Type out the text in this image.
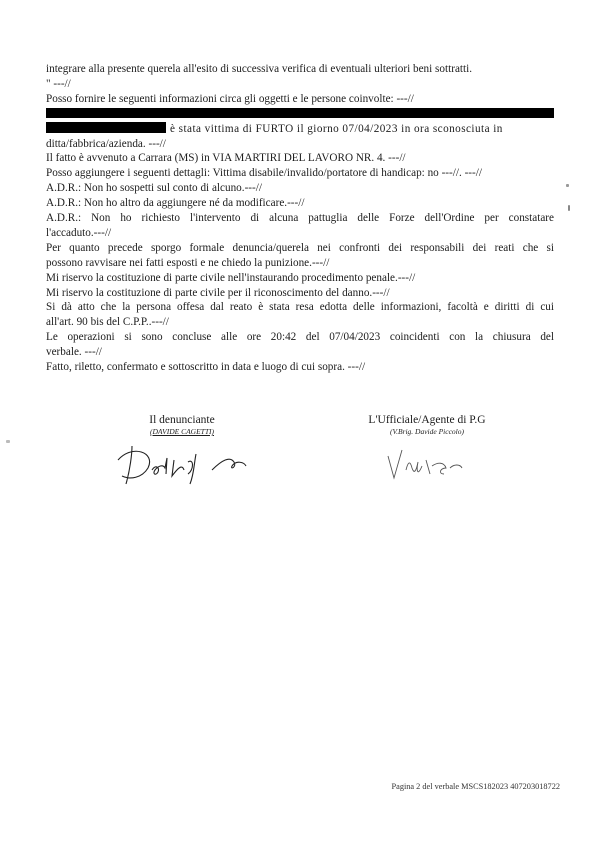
integrare alla presente querela all'esito di successiva verifica di eventuali ulteriori beni sottratti.
" ---//
Posso fornire le seguenti informazioni circa gli oggetti e le persone coinvolte: ---//
è stata vittima di FURTO il giorno 07/04/2023 in ora sconosciuta in
ditta/fabbrica/azienda. ---//
Il fatto è avvenuto a Carrara (MS) in VIA MARTIRI DEL LAVORO NR. 4. ---//
Posso aggiungere i seguenti dettagli: Vittima disabile/invalido/portatore di handicap: no ---//. ---//
A.D.R.: Non ho sospetti sul conto di alcuno.---//
A.D.R.: Non ho altro da aggiungere né da modificare.---//
A.D.R.: Non ho richiesto l'intervento di alcuna pattuglia delle Forze dell'Ordine per constatare
l'accaduto.---//
Per quanto precede sporgo formale denuncia/querela nei confronti dei responsabili dei reati che si
possono ravvisare nei fatti esposti e ne chiedo la punizione.---//
Mi riservo la costituzione di parte civile nell'instaurando procedimento penale.---//
Mi riservo la costituzione di parte civile per il riconoscimento del danno.---//
Si dà atto che la persona offesa dal reato è stata resa edotta delle informazioni, facoltà e diritti di cui
all'art. 90 bis del C.P.P..---//
Le operazioni si sono concluse alle ore 20:42 del 07/04/2023 coincidenti con la chiusura del
verbale. ---//
Fatto, riletto, confermato e sottoscritto in data e luogo di cui sopra. ---//
Il denunciante
(DAVIDE CAGETTI)
L'Ufficiale/Agente di P.G
(V.Brig. Davide Piccolo)
Pagina 2 del verbale MSCS182023 407203018722
